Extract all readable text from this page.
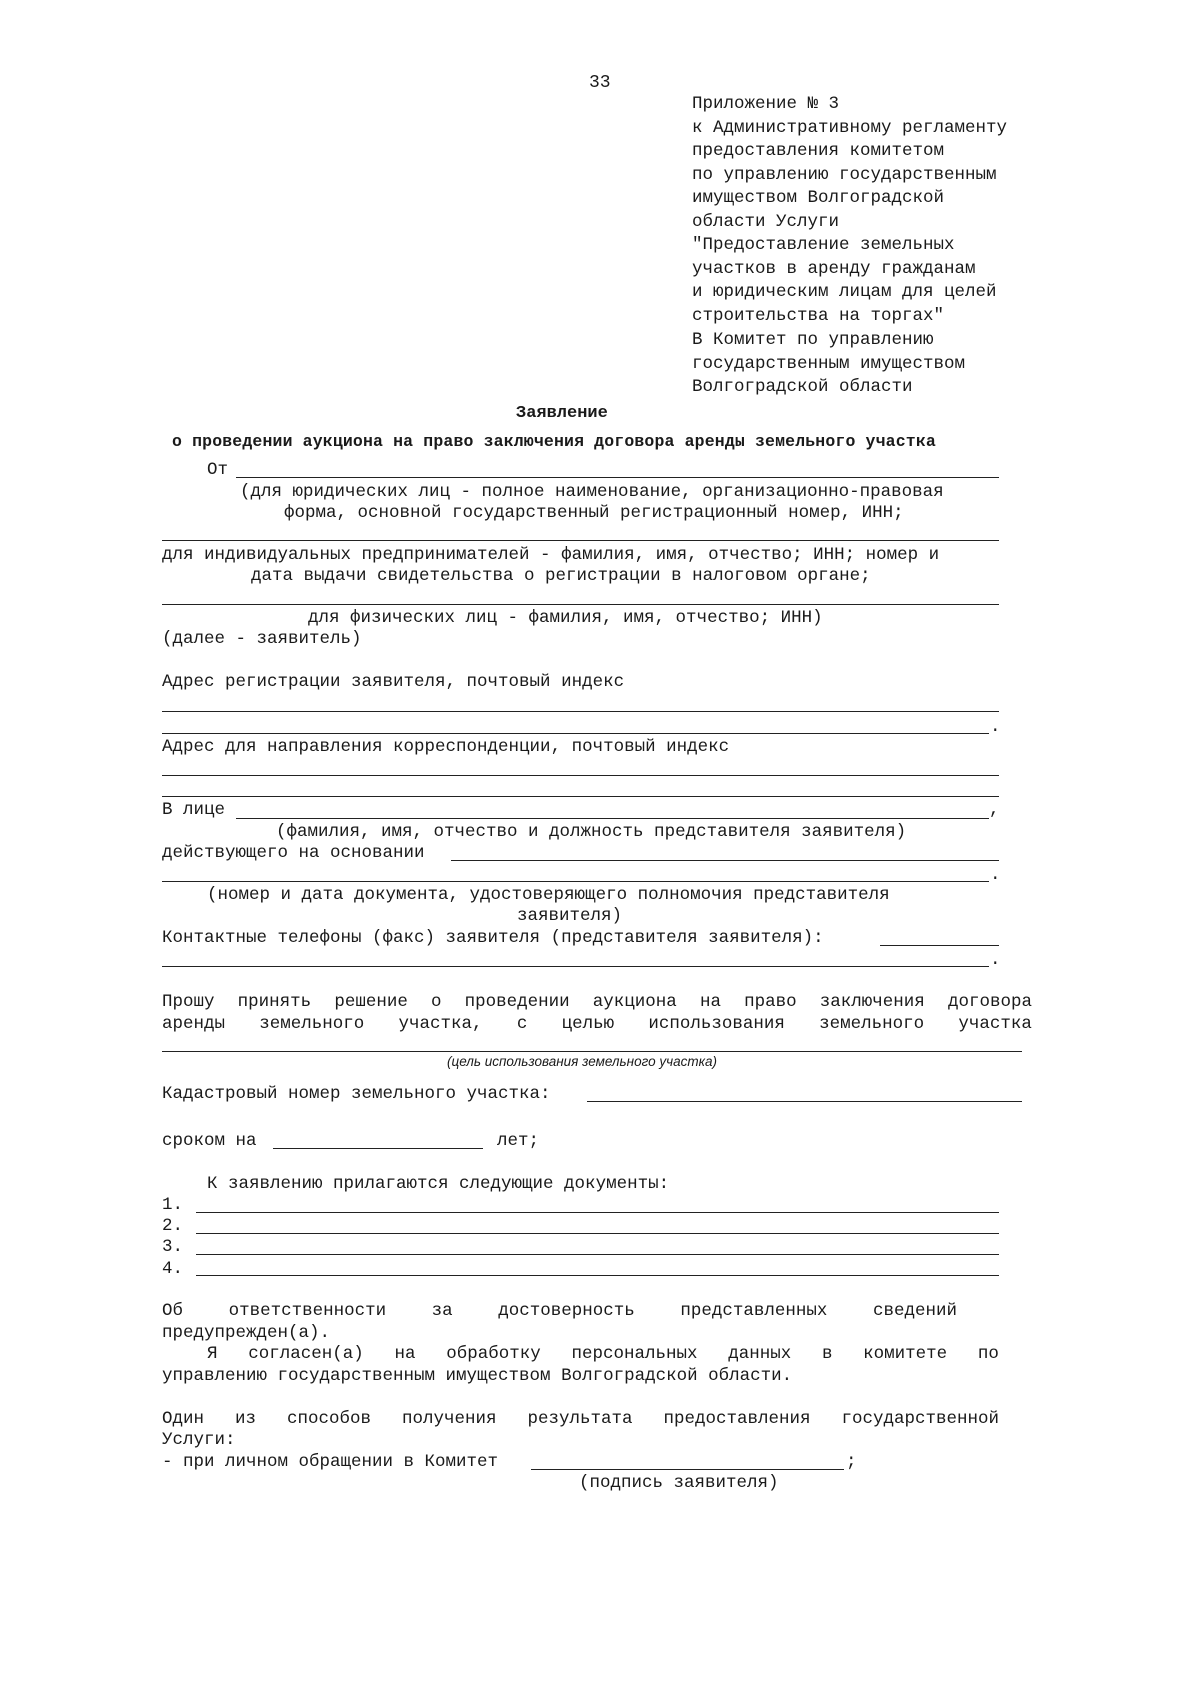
33
Приложение № 3
к Административному регламенту
предоставления комитетом
по управлению государственным
имуществом Волгоградской
области Услуги
"Предоставление земельных
участков в аренду гражданам
и юридическим лицам для целей
строительства на торгах"
В Комитет по управлению
государственным имуществом
Волгоградской области
Заявление
о проведении аукциона на право заключения договора аренды земельного участка
От
(для юридических лиц - полное наименование, организационно-правовая
форма, основной государственный регистрационный номер, ИНН;
для индивидуальных предпринимателей - фамилия, имя, отчество; ИНН; номер и
дата выдачи свидетельства о регистрации в налоговом органе;
для физических лиц - фамилия, имя, отчество; ИНН)
(далее - заявитель)
Адрес регистрации заявителя, почтовый индекс
.
Адрес для направления корреспонденции, почтовый индекс
В лице	,
(фамилия, имя, отчество и должность представителя заявителя)
действующего на основании
.
(номер и дата документа, удостоверяющего полномочия представителя
заявителя)
Контактные телефоны (факс) заявителя (представителя заявителя):
.
Прошу принять решение о проведении аукциона на право заключения договора
аренды земельного участка, с целью использования земельного участка
(цель использования земельного участка)
Кадастровый номер земельного участка:
сроком на	лет;
К заявлению прилагаются следующие документы:
1.
2.
3.
4.
Об	ответственности	за	достоверность	представленных	сведений
предупрежден(а).
Я согласен(а) на обработку персональных данных в комитете по
управлению государственным имуществом Волгоградской области.
Один из способов получения результата предоставления государственной
Услуги:
- при личном обращении в Комитет	;
(подпись заявителя)
